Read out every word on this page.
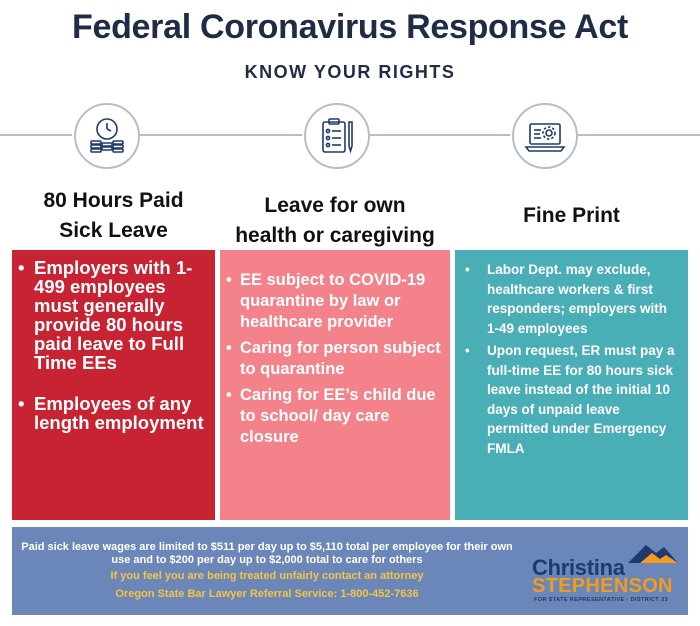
Federal Coronavirus Response Act
KNOW YOUR RIGHTS
80 Hours Paid
Sick Leave
Leave for own
health or caregiving
Fine Print
• Employers with 1-499 employees must generally provide 80 hours paid leave to Full Time EEs
• Employees of any length employment
• EE subject to COVID-19 quarantine by law or healthcare provider
• Caring for person subject to quarantine
• Caring for EE’s child due to school/ day care closure
• Labor Dept. may exclude, healthcare workers & first responders; employers with 1-49 employees
• Upon request, ER must pay a full-time EE for 80 hours sick leave instead of the initial 10 days of unpaid leave permitted under Emergency FMLA
Paid sick leave wages are limited to $511 per day up to $5,110 total per employee for their own use and to $200 per day up to $2,000 total to care for others
If you feel you are being treated unfairly contact an attorney
Oregon State Bar Lawyer Referral Service: 1-800-452-7636
Christina
STEPHENSON
FOR STATE REPRESENTATIVE · DISTRICT 33
